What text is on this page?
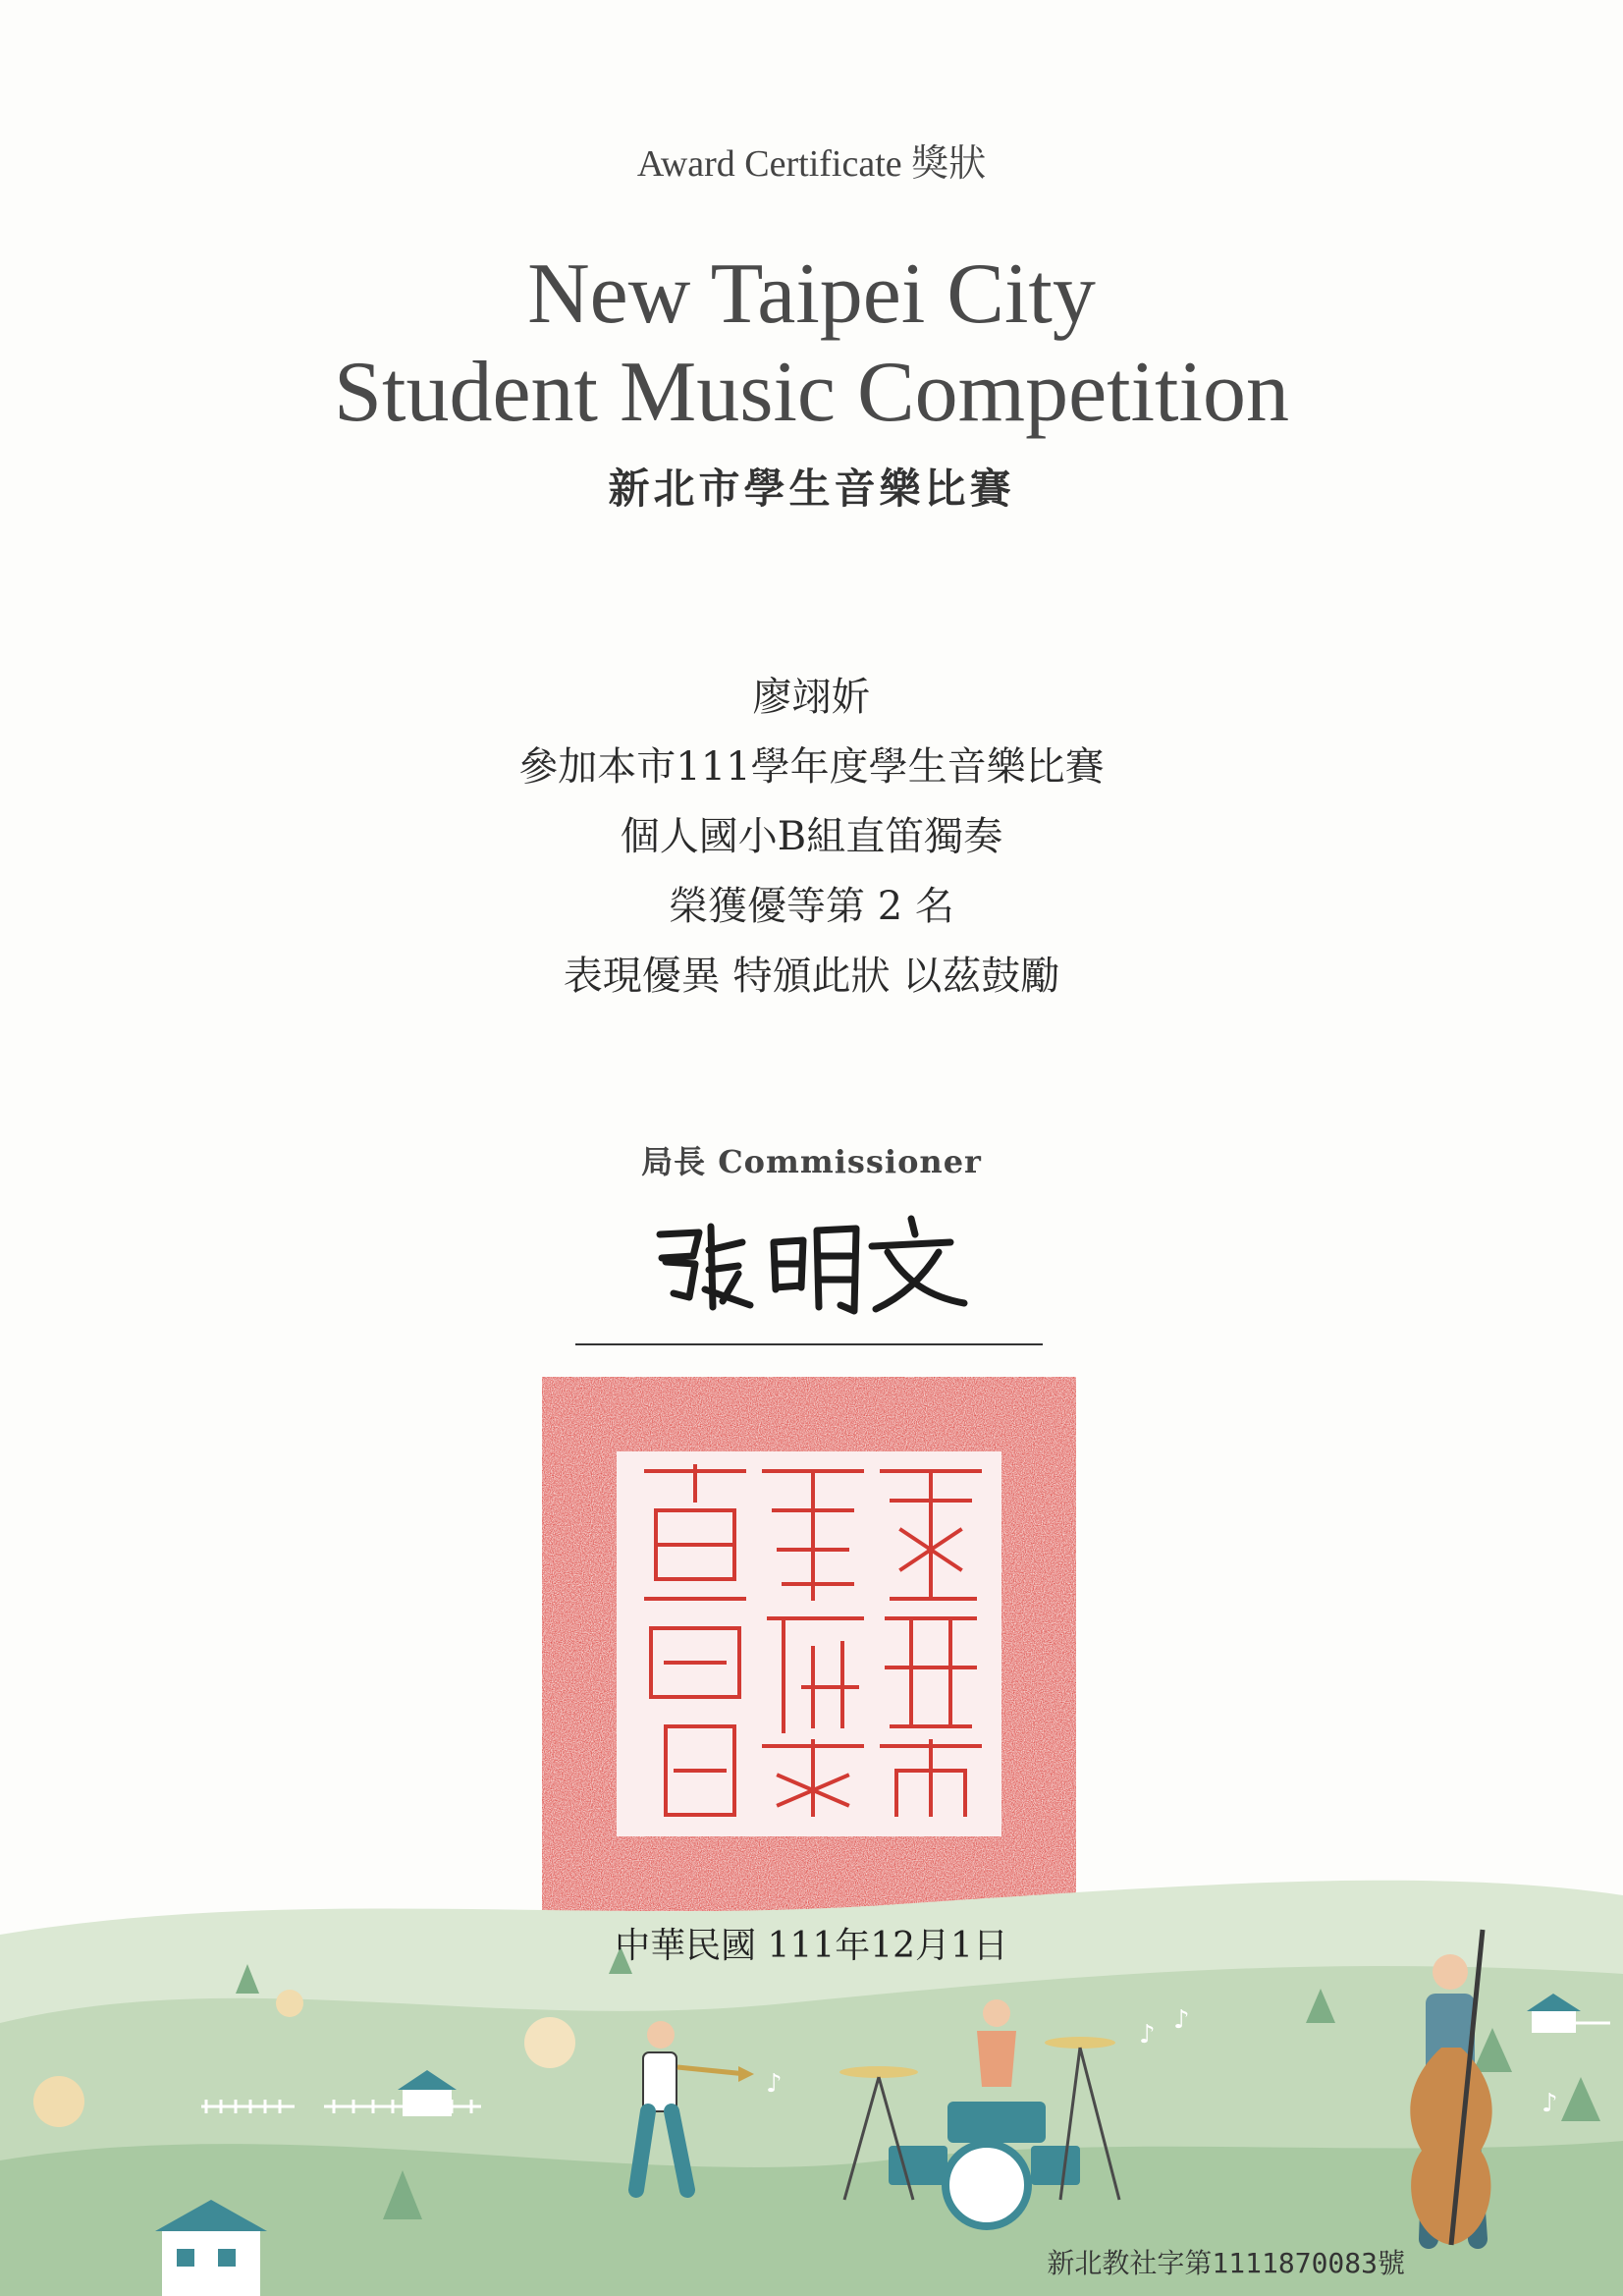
Award Certificate 獎狀
New Taipei City
Student Music Competition
新北市學生音樂比賽
廖翊妡
參加本市111學年度學生音樂比賽
個人國小B組直笛獨奏
榮獲優等第 2 名
表現優異 特頒此狀 以茲鼓勵
局長 Commissioner
中華民國 111年12月1日
♪
♪ ♪
♪
新北教社字第1111870083號
